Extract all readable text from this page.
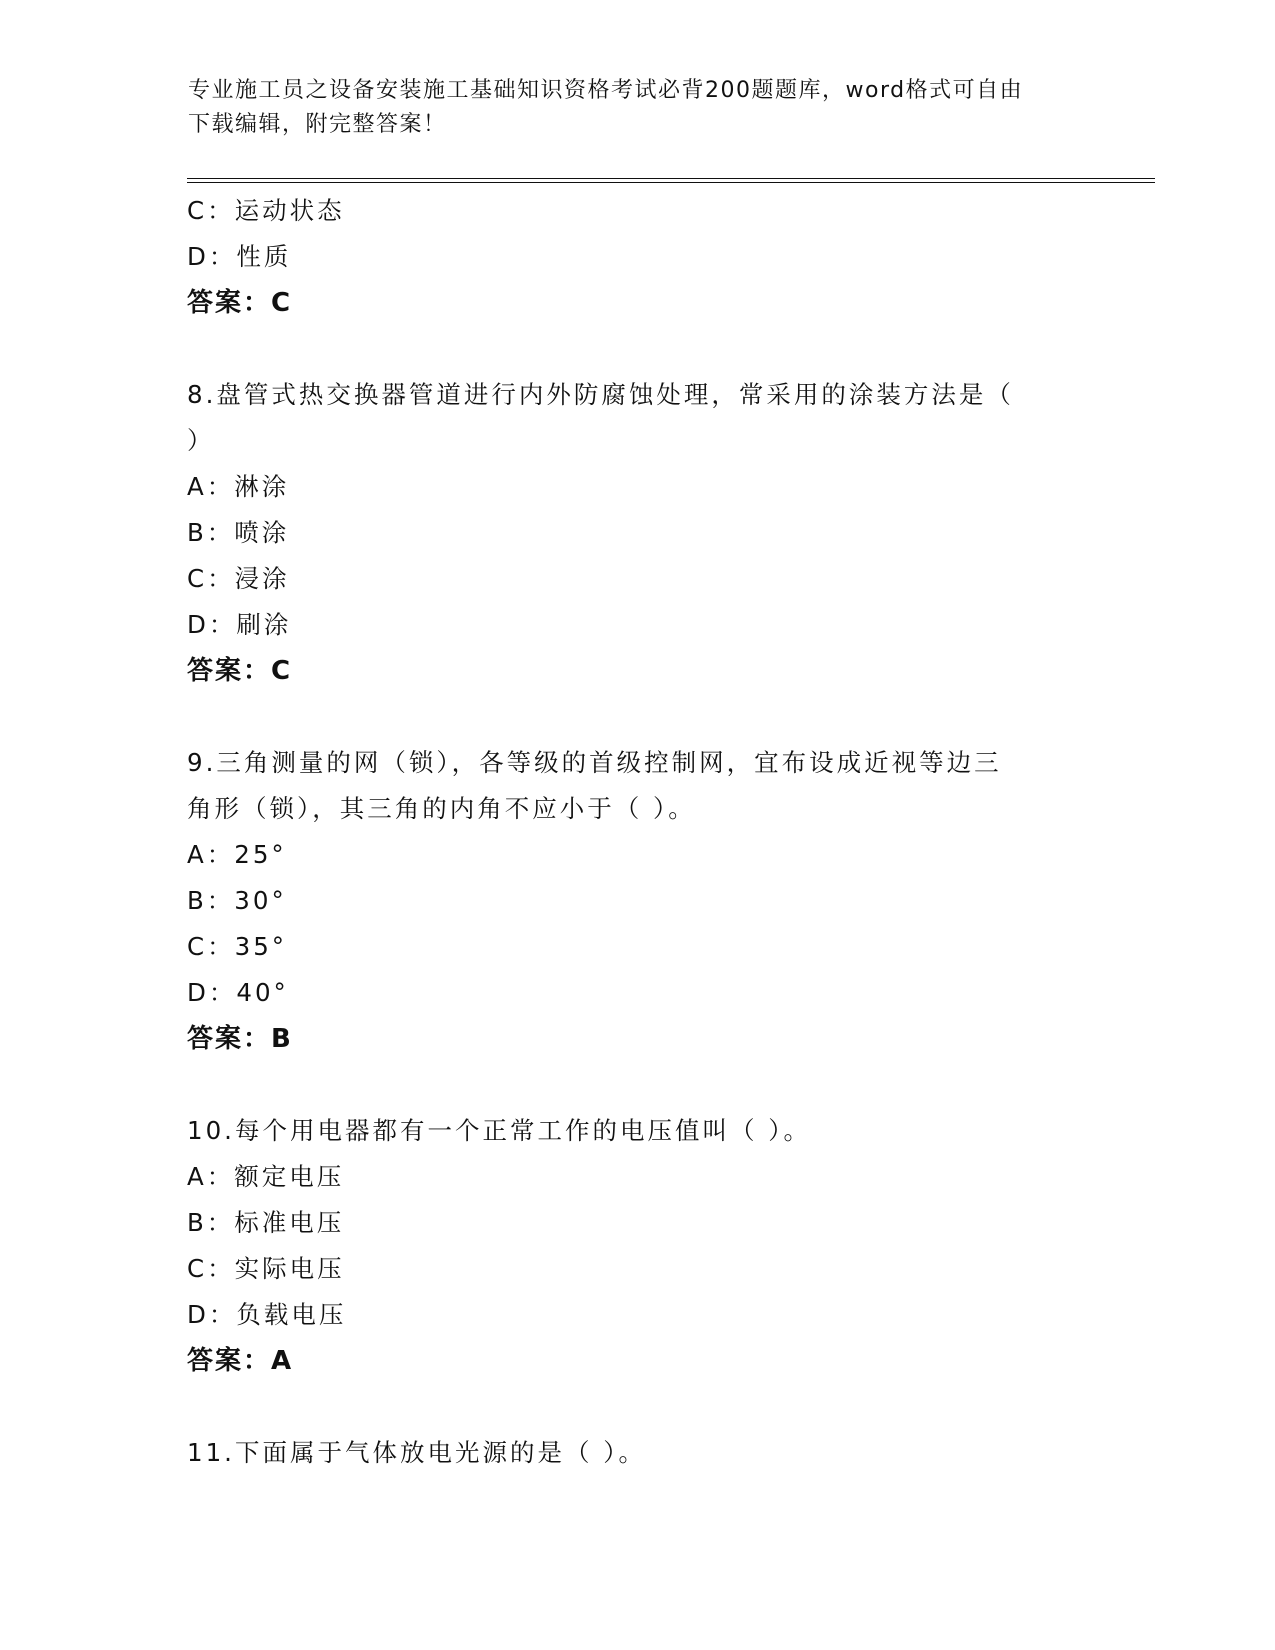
专业施工员之设备安装施工基础知识资格考试必背200题题库，word格式可自由
下载编辑，附完整答案！
C：运动状态
D：性质
答案：C
8.盘管式热交换器管道进行内外防腐蚀处理，常采用的涂装方法是（
）
A：淋涂
B：喷涂
C：浸涂
D：刷涂
答案：C
9.三角测量的网（锁），各等级的首级控制网，宜布设成近视等边三
角形（锁），其三角的内角不应小于（ ）。
A：25°
B：30°
C：35°
D：40°
答案：B
10.每个用电器都有一个正常工作的电压值叫（ ）。
A：额定电压
B：标准电压
C：实际电压
D：负载电压
答案：A
11.下面属于气体放电光源的是（ ）。
